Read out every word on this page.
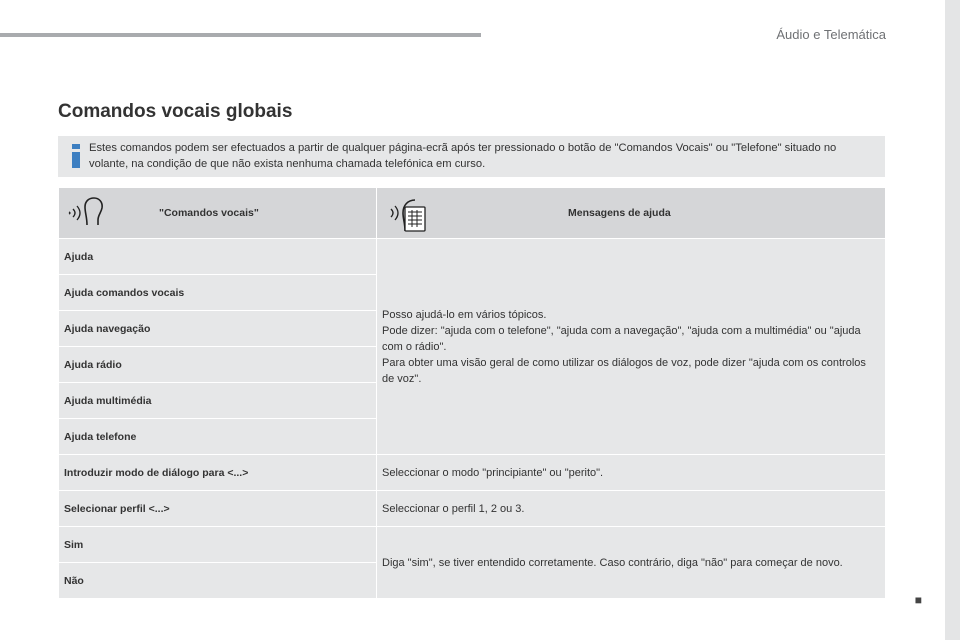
Áudio e Telemática
■
Comandos vocais globais
Estes comandos podem ser efectuados a partir de qualquer página-ecrã após ter pressionado o botão de "Comandos Vocais" ou "Telefone" situado no volante, na condição de que não exista nenhuma chamada telefónica em curso.
"Comandos vocais"	Mensagens de ajuda

Ajuda	Posso ajudá-lo em vários tópicos.
Pode dizer: "ajuda com o telefone", "ajuda com a navegação", "ajuda com a multimédia" ou "ajuda com o rádio".
Para obter uma visão geral de como utilizar os diálogos de voz, pode dizer "ajuda com os controlos de voz".

Ajuda comandos vocais	
Ajuda navegação	
Ajuda rádio	
Ajuda multimédia	
Ajuda telefone	
Introduzir modo de diálogo para <...>	Seleccionar o modo "principiante" ou "perito".
Selecionar perfil <...>	Seleccionar o perfil 1, 2 ou 3.
Sim	Diga "sim", se tiver entendido corretamente. Caso contrário, diga "não" para começar de novo.
Não	
